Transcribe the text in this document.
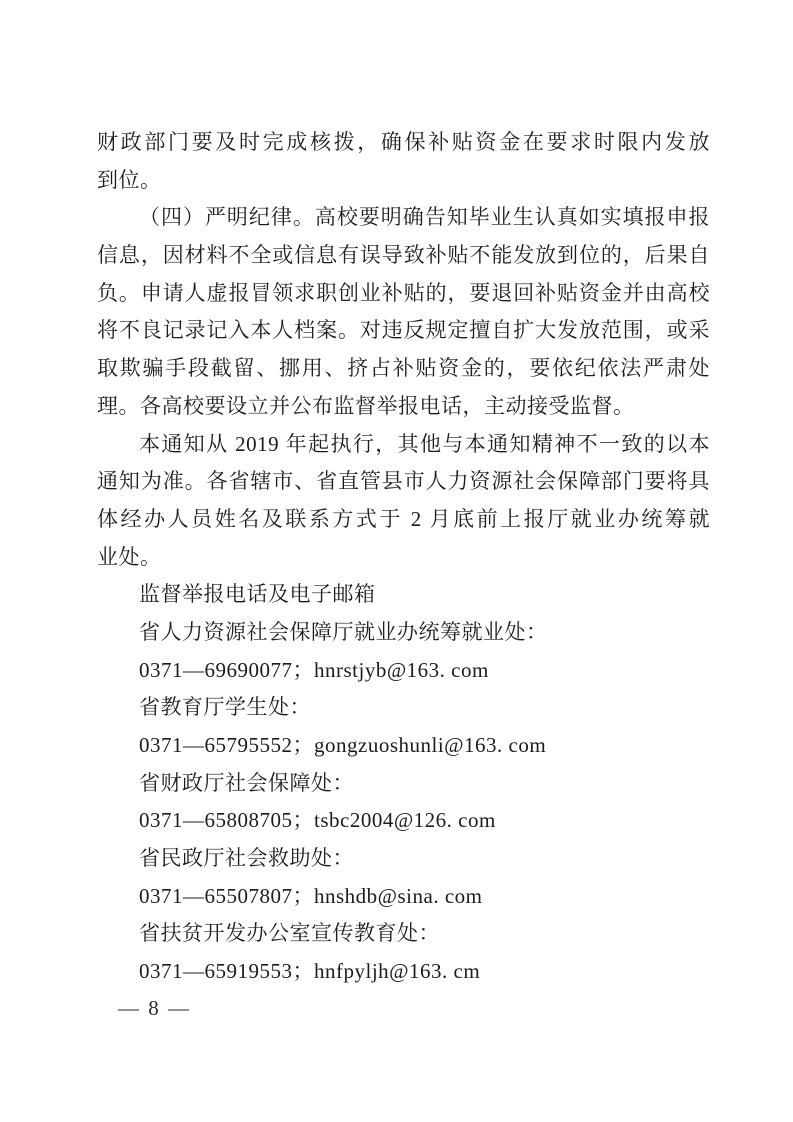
财政部门要及时完成核拨，确保补贴资金在要求时限内发放
到位。
（四）严明纪律。高校要明确告知毕业生认真如实填报申报
信息，因材料不全或信息有误导致补贴不能发放到位的，后果自
负。申请人虚报冒领求职创业补贴的，要退回补贴资金并由高校
将不良记录记入本人档案。对违反规定擅自扩大发放范围，或采
取欺骗手段截留、挪用、挤占补贴资金的，要依纪依法严肃处
理。各高校要设立并公布监督举报电话，主动接受监督。
本通知从 2019 年起执行，其他与本通知精神不一致的以本
通知为准。各省辖市、省直管县市人力资源社会保障部门要将具
体经办人员姓名及联系方式于 2 月底前上报厅就业办统筹就
业处。
监督举报电话及电子邮箱
省人力资源社会保障厅就业办统筹就业处：
0371—69690077；hnrstjyb@163. com
省教育厅学生处：
0371—65795552；gongzuoshunli@163. com
省财政厅社会保障处：
0371—65808705；tsbc2004@126. com
省民政厅社会救助处：
0371—65507807；hnshdb@sina. com
省扶贫开发办公室宣传教育处：
0371—65919553；hnfpyljh@163. cm
— 8 —
